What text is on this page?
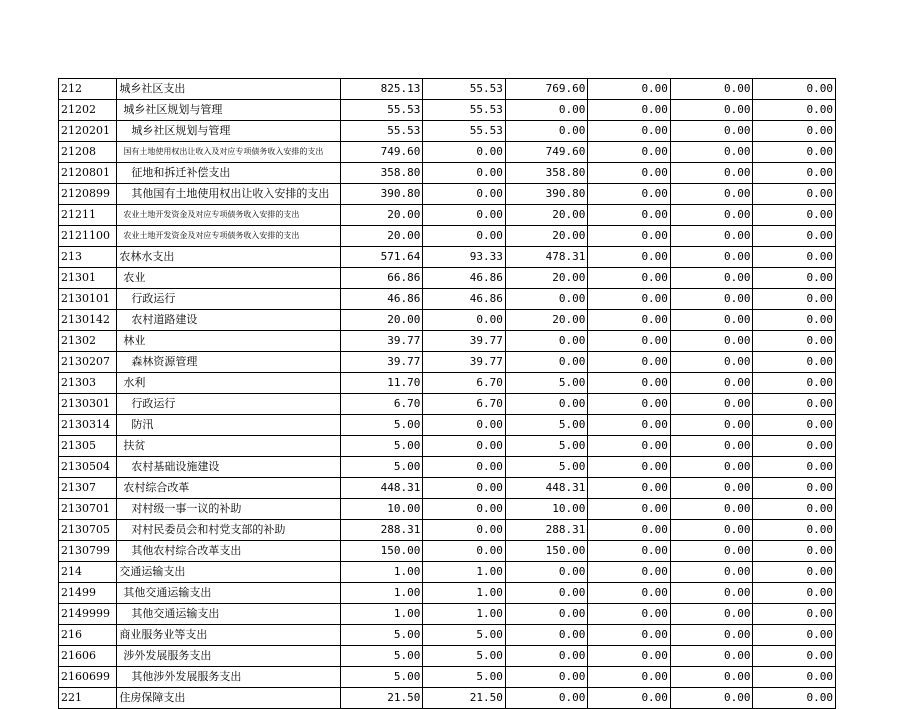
212	城乡社区支出	825.13	55.53	769.60	0.00	0.00	0.00
21202	城乡社区规划与管理	55.53	55.53	0.00	0.00	0.00	0.00
2120201	城乡社区规划与管理	55.53	55.53	0.00	0.00	0.00	0.00
21208	国有土地使用权出让收入及对应专项债务收入安排的支出	749.60	0.00	749.60	0.00	0.00	0.00
2120801	征地和拆迁补偿支出	358.80	0.00	358.80	0.00	0.00	0.00
2120899	其他国有土地使用权出让收入安排的支出	390.80	0.00	390.80	0.00	0.00	0.00
21211	农业土地开发资金及对应专项债务收入安排的支出	20.00	0.00	20.00	0.00	0.00	0.00
2121100	农业土地开发资金及对应专项债务收入安排的支出	20.00	0.00	20.00	0.00	0.00	0.00
213	农林水支出	571.64	93.33	478.31	0.00	0.00	0.00
21301	农业	66.86	46.86	20.00	0.00	0.00	0.00
2130101	行政运行	46.86	46.86	0.00	0.00	0.00	0.00
2130142	农村道路建设	20.00	0.00	20.00	0.00	0.00	0.00
21302	林业	39.77	39.77	0.00	0.00	0.00	0.00
2130207	森林资源管理	39.77	39.77	0.00	0.00	0.00	0.00
21303	水利	11.70	6.70	5.00	0.00	0.00	0.00
2130301	行政运行	6.70	6.70	0.00	0.00	0.00	0.00
2130314	防汛	5.00	0.00	5.00	0.00	0.00	0.00
21305	扶贫	5.00	0.00	5.00	0.00	0.00	0.00
2130504	农村基础设施建设	5.00	0.00	5.00	0.00	0.00	0.00
21307	农村综合改革	448.31	0.00	448.31	0.00	0.00	0.00
2130701	对村级一事一议的补助	10.00	0.00	10.00	0.00	0.00	0.00
2130705	对村民委员会和村党支部的补助	288.31	0.00	288.31	0.00	0.00	0.00
2130799	其他农村综合改革支出	150.00	0.00	150.00	0.00	0.00	0.00
214	交通运输支出	1.00	1.00	0.00	0.00	0.00	0.00
21499	其他交通运输支出	1.00	1.00	0.00	0.00	0.00	0.00
2149999	其他交通运输支出	1.00	1.00	0.00	0.00	0.00	0.00
216	商业服务业等支出	5.00	5.00	0.00	0.00	0.00	0.00
21606	涉外发展服务支出	5.00	5.00	0.00	0.00	0.00	0.00
2160699	其他涉外发展服务支出	5.00	5.00	0.00	0.00	0.00	0.00
221	住房保障支出	21.50	21.50	0.00	0.00	0.00	0.00
